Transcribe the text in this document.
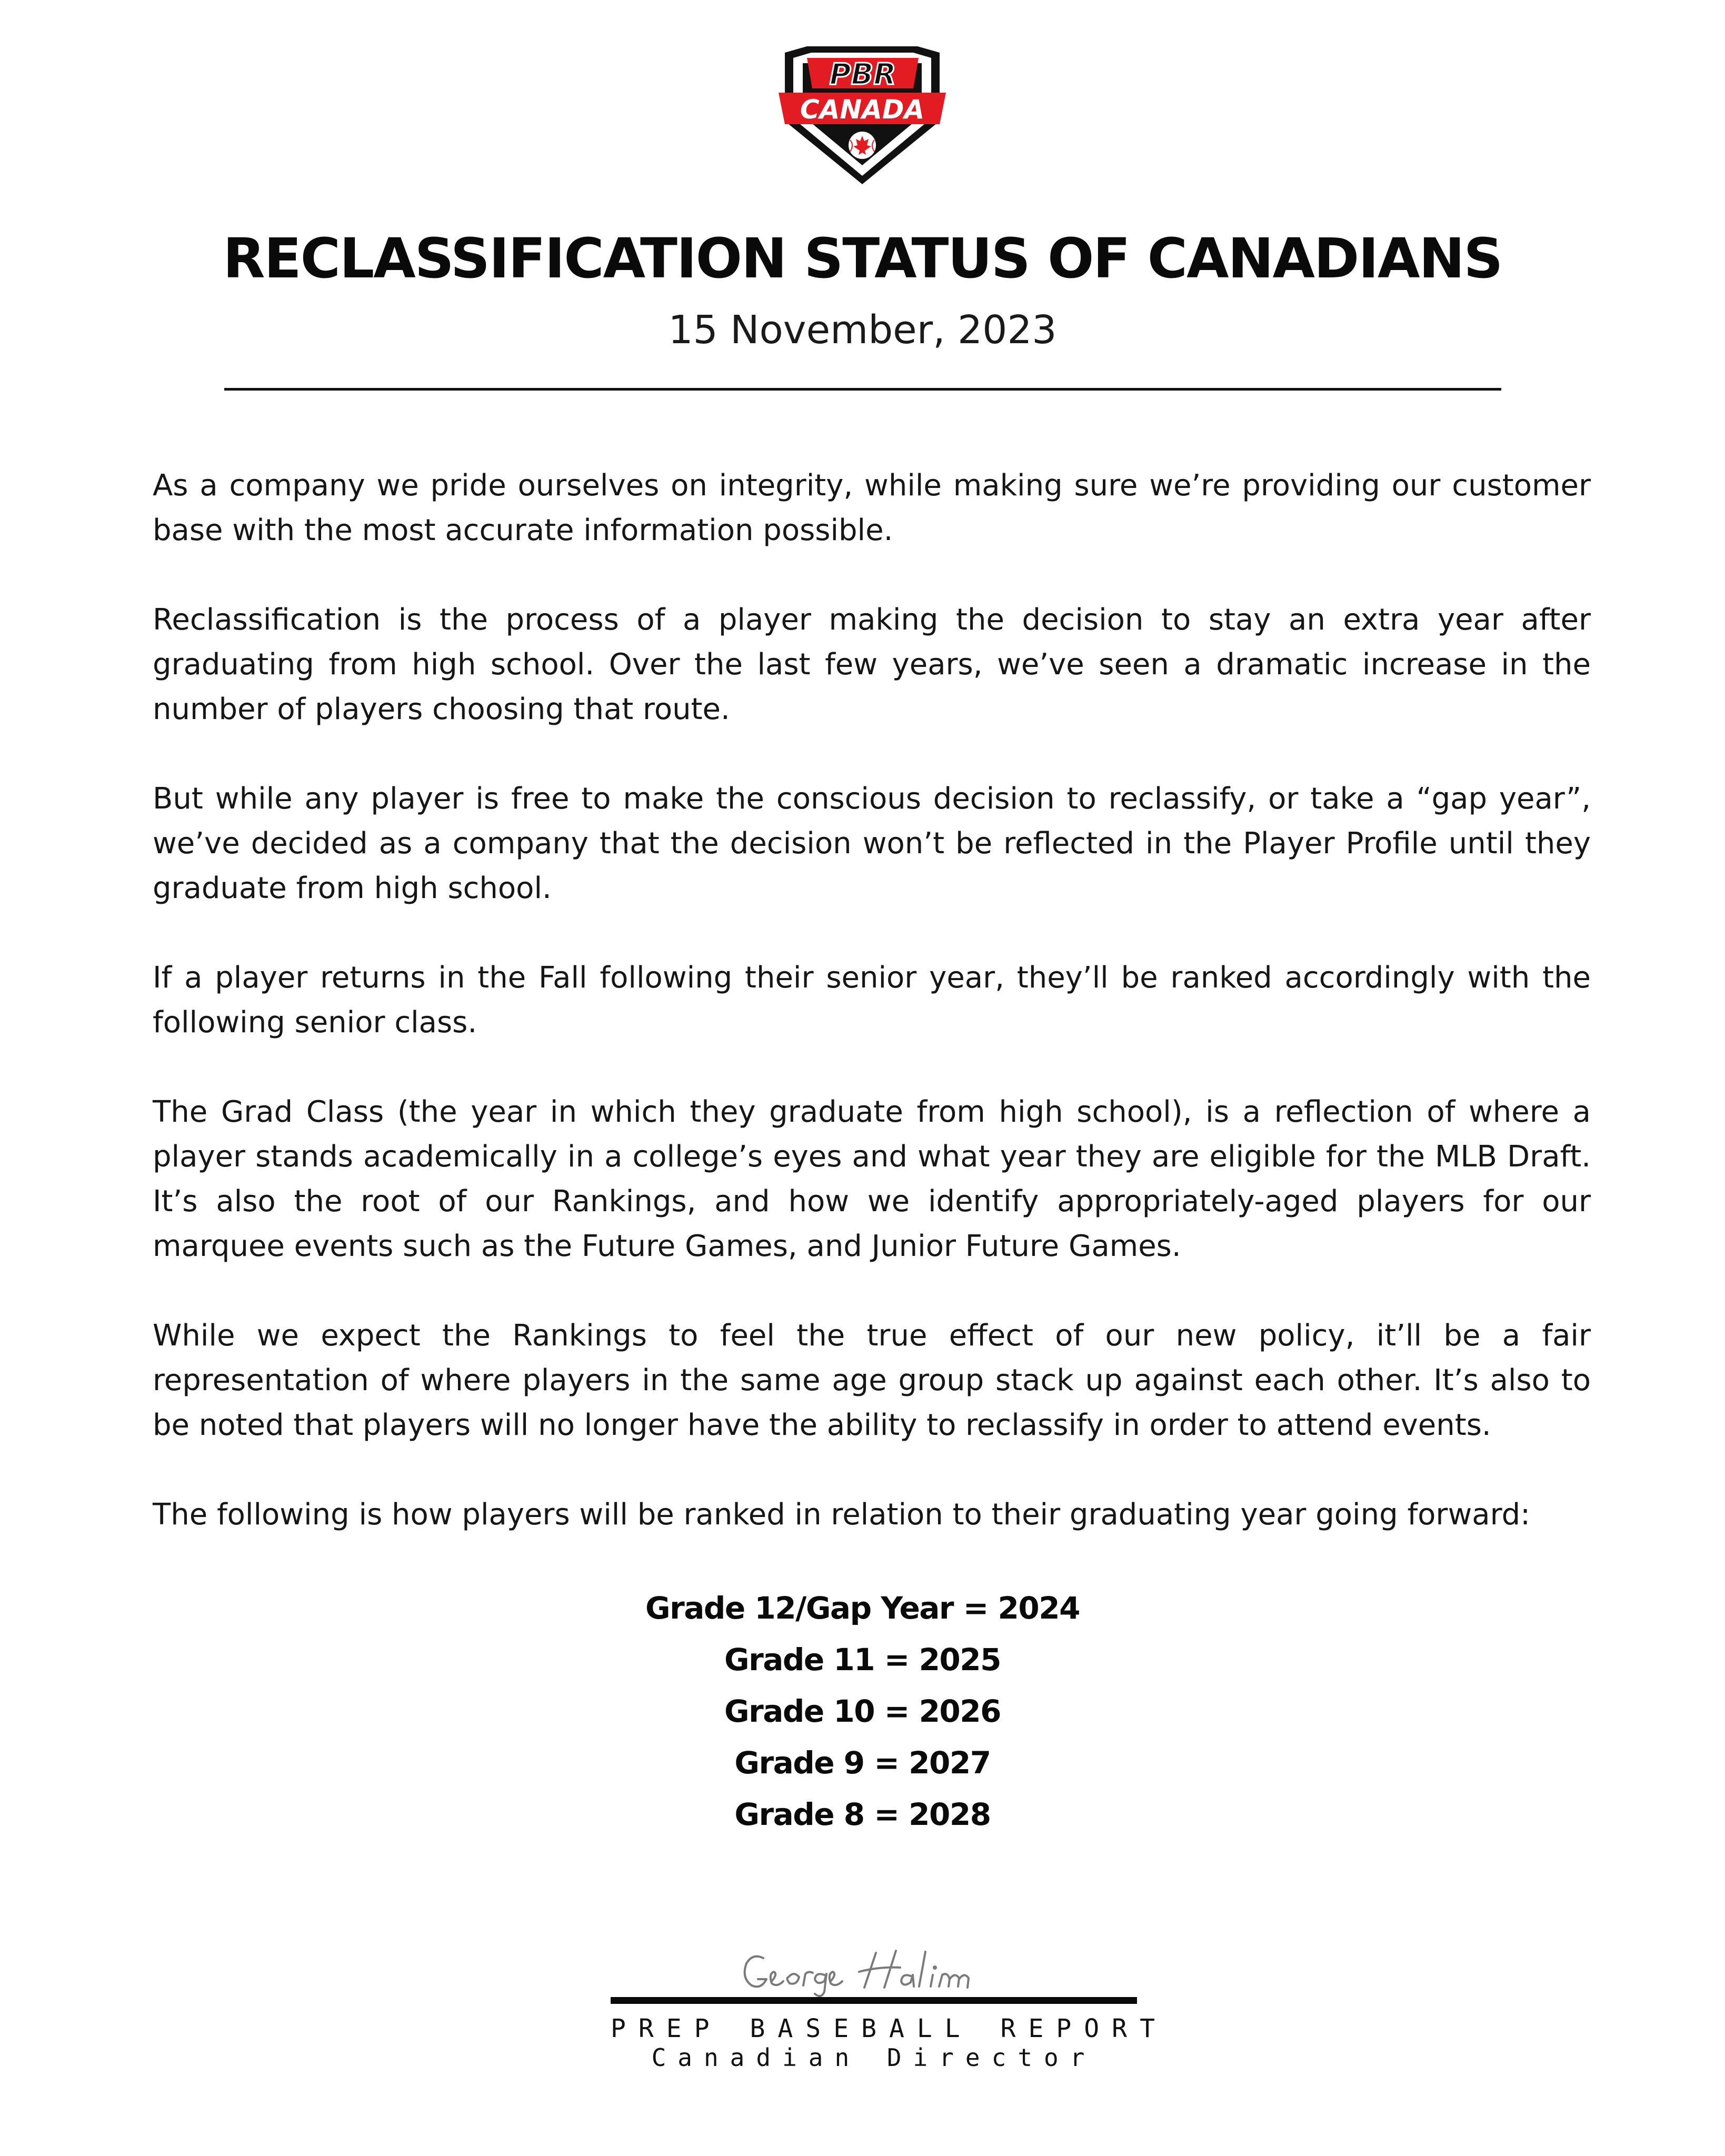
PBR
CANADA
RECLASSIFICATION STATUS OF CANADIANS
15 November, 2023

As a company we pride ourselves on integrity, while making sure we’re providing our customer base with the most accurate information possible.

Reclassification is the process of a player making the decision to stay an extra year after graduating from high school. Over the last few years, we’ve seen a dramatic increase in the number of players choosing that route.

But while any player is free to make the conscious decision to reclassify, or take a “gap year”, we’ve decided as a company that the decision won’t be reflected in the Player Profile until they graduate from high school.

If a player returns in the Fall following their senior year, they’ll be ranked accordingly with the following senior class.

The Grad Class (the year in which they graduate from high school), is a reflection of where a player stands academically in a college’s eyes and what year they are eligible for the MLB Draft. It’s also the root of our Rankings, and how we identify appropriately-aged players for our marquee events such as the Future Games, and Junior Future Games.

While we expect the Rankings to feel the true effect of our new policy, it’ll be a fair representation of where players in the same age group stack up against each other. It’s also to be noted that players will no longer have the ability to reclassify in order to attend events.

The following is how players will be ranked in relation to their graduating year going forward:

Grade 12/Gap Year = 2024
Grade 11 = 2025
Grade 10 = 2026
Grade 9 = 2027
Grade 8 = 2028
PREP BASEBALL REPORT
Canadian Director
